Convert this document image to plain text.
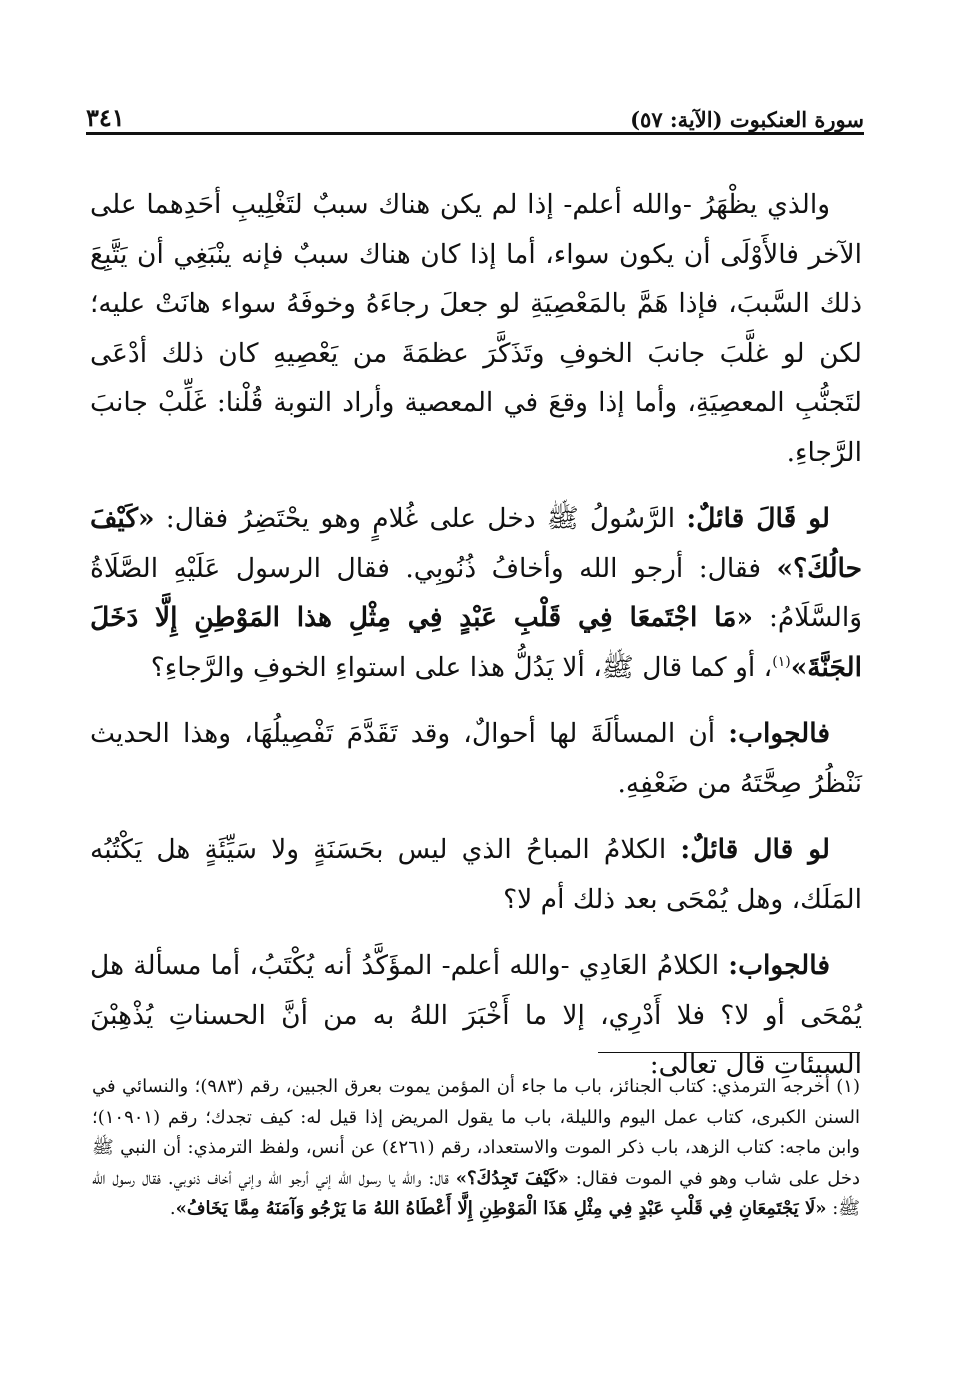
سورة العنكبوت (الآية: ٥٧)
٣٤١

والذي يظْهَرُ -والله أعلم- إذا لم يكن هناك سببٌ لتَغْلِيبِ أحَدِهما على الآخر فالأَوْلَى أن يكون سواء، أما إذا كان هناك سببٌ فإنه ينْبَغِي أن يَتَّبِعَ ذلك السَّببَ، فإذا هَمَّ بالمَعْصِيَةِ لو جعلَ رجاءَهُ وخوفَهُ سواء هانَتْ عليه؛ لكن لو غلَّبَ جانبَ الخوفِ وتَذَكَّرَ عظمَةَ من يَعْصِيهِ كان ذلك أدْعَى لتَجنُّبِ المعصِيَةِ، وأما إذا وقعَ في المعصية وأراد التوبة قُلْنا: غَلِّبْ جانبَ الرَّجاءِ.

لو قَالَ قائلٌ: الرَّسُولُ ﷺ دخل على غُلامٍ وهو يحْتَضِرُ فقال: «كَيْفَ حالُكَ؟» فقال: أرجو الله وأخافُ ذُنُوبِي. فقال الرسول عَلَيْهِ الصَّلَاةُ وَالسَّلَامُ: «مَا اجْتَمعَا فِي قَلْبِ عَبْدٍ فِي مِثْلِ هذا المَوْطِنِ إِلَّا دَخَلَ الجَنَّةَ»$^{(١)}$، أو كما قال ﷺ، ألا يَدُلُّ هذا على استواءِ الخوفِ والرَّجاءِ؟

فالجواب: أن المسألَةَ لها أحوالٌ، وقد تَقَدَّمَ تَفْصِيلُهَا، وهذا الحديث نَنْظُرُ صِحَّتَهُ من ضَعْفِهِ.

لو قال قائلٌ: الكلامُ المباحُ الذي ليس بحَسَنَةٍ ولا سَيِّئَةٍ هل يَكْتُبُه المَلَك، وهل يُمْحَى بعد ذلك أم لا؟

فالجواب: الكلامُ العَادِي -والله أعلم- المؤَكَّدُ أنه يُكْتَبُ، أما مسألة هل يُمْحَى أو لا؟ فلا أَدْرِي، إلا ما أَخْبَرَ اللهُ به من أنَّ الحسناتِ يُذْهِبْنَ السيئاتِ قال تعالى:

(١) أخرجه الترمذي: كتاب الجنائز، باب ما جاء أن المؤمن يموت بعرق الجبين، رقم (٩٨٣)؛ والنسائي في السنن الكبرى، كتاب عمل اليوم والليلة، باب ما يقول المريض إذا قيل له: كيف تجدك؛ رقم (١٠٩٠١)؛ وابن ماجه: كتاب الزهد، باب ذكر الموت والاستعداد، رقم (٤٢٦١) عن أنس، ولفظ الترمذي: أن النبي ﷺ دخل على شاب وهو في الموت فقال: «كَيْفَ تَجِدُكَ؟» قال: والله يا رسول الله إني أرجو الله وإني أخاف ذنوبي. فقال رسول الله ﷺ: «لَا يَجْتَمِعَانِ فِي قَلْبِ عَبْدٍ فِي مِثْلِ هَذَا الْمَوْطِنِ إِلَّا أَعْطَاهُ اللهُ مَا يَرْجُو وَآمَنَهُ مِمَّا يَخَافُ».
